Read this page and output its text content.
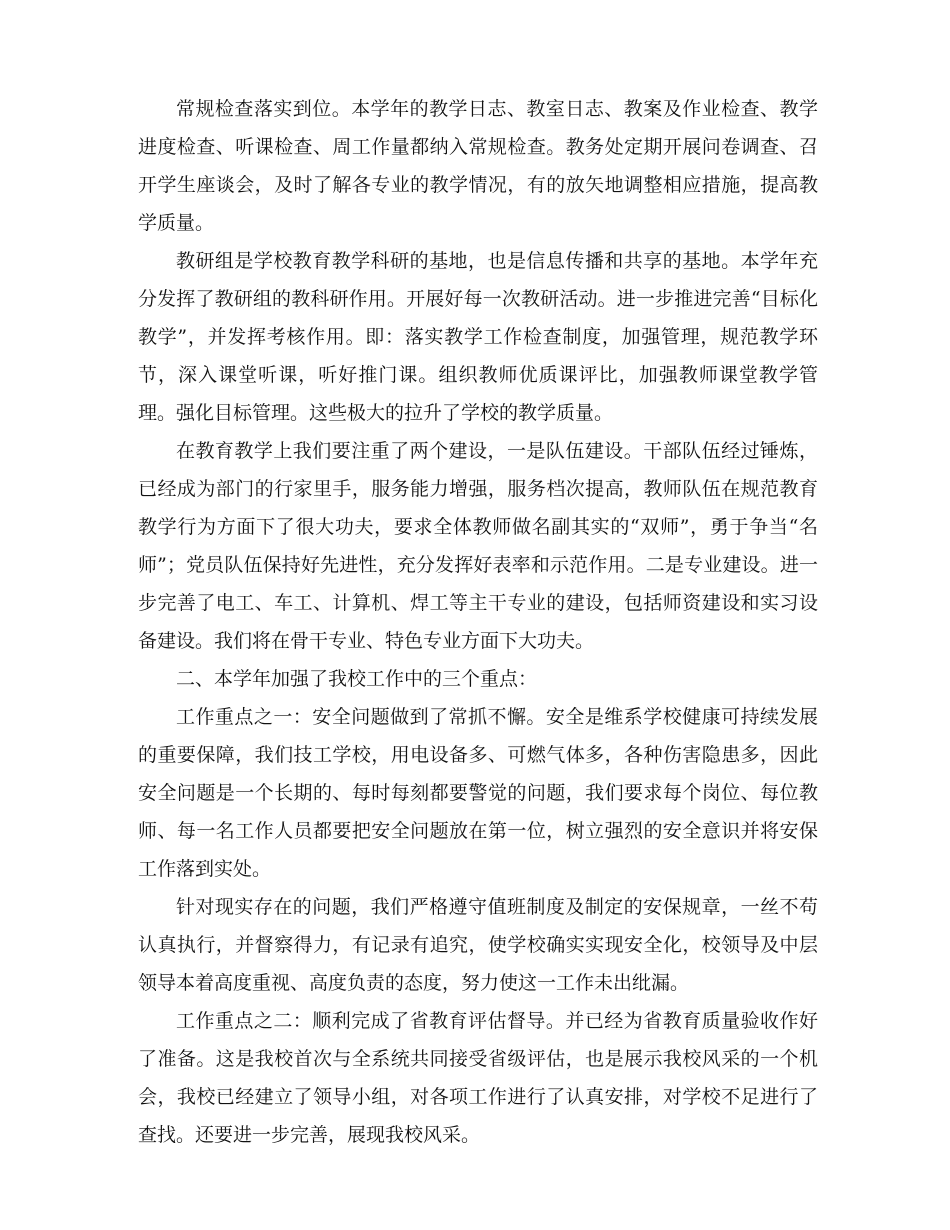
常规检查落实到位。本学年的教学日志、教室日志、教案及作业检查、教学进度检查、听课检查、周工作量都纳入常规检查。教务处定期开展问卷调查、召开学生座谈会，及时了解各专业的教学情况，有的放矢地调整相应措施，提高教学质量。

教研组是学校教育教学科研的基地，也是信息传播和共享的基地。本学年充分发挥了教研组的教科研作用。开展好每一次教研活动。进一步推进完善“目标化教学”，并发挥考核作用。即：落实教学工作检查制度，加强管理，规范教学环节，深入课堂听课，听好推门课。组织教师优质课评比，加强教师课堂教学管理。强化目标管理。这些极大的拉升了学校的教学质量。

在教育教学上我们要注重了两个建设，一是队伍建设。干部队伍经过锤炼，已经成为部门的行家里手，服务能力增强，服务档次提高，教师队伍在规范教育教学行为方面下了很大功夫，要求全体教师做名副其实的“双师”，勇于争当“名师”；党员队伍保持好先进性，充分发挥好表率和示范作用。二是专业建设。进一步完善了电工、车工、计算机、焊工等主干专业的建设，包括师资建设和实习设备建设。我们将在骨干专业、特色专业方面下大功夫。

二、本学年加强了我校工作中的三个重点：

工作重点之一：安全问题做到了常抓不懈。安全是维系学校健康可持续发展的重要保障，我们技工学校，用电设备多、可燃气体多，各种伤害隐患多，因此安全问题是一个长期的、每时每刻都要警觉的问题，我们要求每个岗位、每位教师、每一名工作人员都要把安全问题放在第一位，树立强烈的安全意识并将安保工作落到实处。

针对现实存在的问题，我们严格遵守值班制度及制定的安保规章，一丝不苟认真执行，并督察得力，有记录有追究，使学校确实实现安全化，校领导及中层领导本着高度重视、高度负责的态度，努力使这一工作未出纰漏。

工作重点之二：顺利完成了省教育评估督导。并已经为省教育质量验收作好了准备。这是我校首次与全系统共同接受省级评估，也是展示我校风采的一个机会，我校已经建立了领导小组，对各项工作进行了认真安排，对学校不足进行了查找。还要进一步完善，展现我校风采。
